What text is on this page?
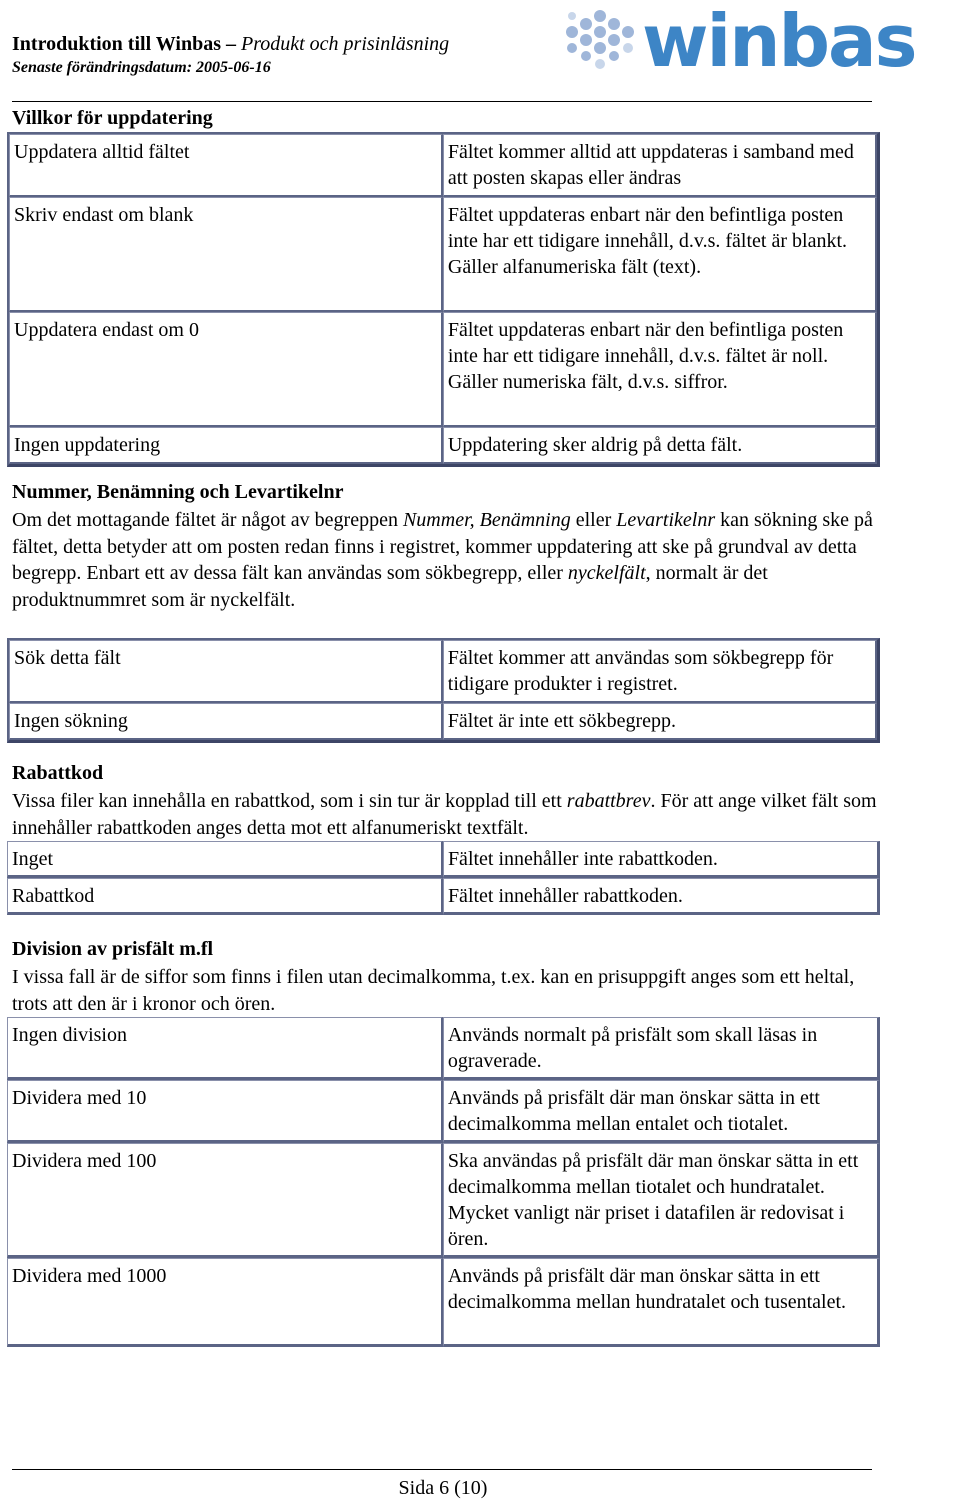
Introduktion till Winbas – Produkt och prisinläsning
Senaste förändringsdatum: 2005-06-16	winbas
Villkor för uppdatering
Uppdatera alltid fältet	Fältet kommer alltid att uppdateras i samband med att posten skapas eller ändras
Skriv endast om blank	Fältet uppdateras enbart när den befintliga posten inte har ett tidigare innehåll, d.v.s. fältet är blankt. Gäller alfanumeriska fält (text).
Uppdatera endast om 0	Fältet uppdateras enbart när den befintliga posten inte har ett tidigare innehåll, d.v.s. fältet är noll. Gäller numeriska fält, d.v.s. siffror.
Ingen uppdatering	Uppdatering sker aldrig på detta fält.
Nummer, Benämning och Levartikelnr
Om det mottagande fältet är något av begreppen Nummer, Benämning eller Levartikelnr kan sökning ske på fältet, detta betyder att om posten redan finns i registret, kommer uppdatering att ske på grundval av detta begrepp. Enbart ett av dessa fält kan användas som sökbegrepp, eller nyckelfält, normalt är det produktnummret som är nyckelfält.
Sök detta fält	Fältet kommer att användas som sökbegrepp för tidigare produkter i registret.
Ingen sökning	Fältet är inte ett sökbegrepp.
Rabattkod
Vissa filer kan innehålla en rabattkod, som i sin tur är kopplad till ett rabattbrev. För att ange vilket fält som innehåller rabattkoden anges detta mot ett alfanumeriskt textfält.
Inget	Fältet innehåller inte rabattkoden.
Rabattkod	Fältet innehåller rabattkoden.
Division av prisfält m.fl
I vissa fall är de siffor som finns i filen utan decimalkomma, t.ex. kan en prisuppgift anges som ett heltal, trots att den är i kronor och ören.
Ingen division	Används normalt på prisfält som skall läsas in ograverade.
Dividera med 10	Används på prisfält där man önskar sätta in ett decimalkomma mellan entalet och tiotalet.
Dividera med 100	Ska användas på prisfält där man önskar sätta in ett decimalkomma mellan tiotalet och hundratalet. Mycket vanligt när priset i datafilen är redovisat i ören.
Dividera med 1000	Används på prisfält där man önskar sätta in ett decimalkomma mellan hundratalet och tusentalet.
Sida 6 (10)
